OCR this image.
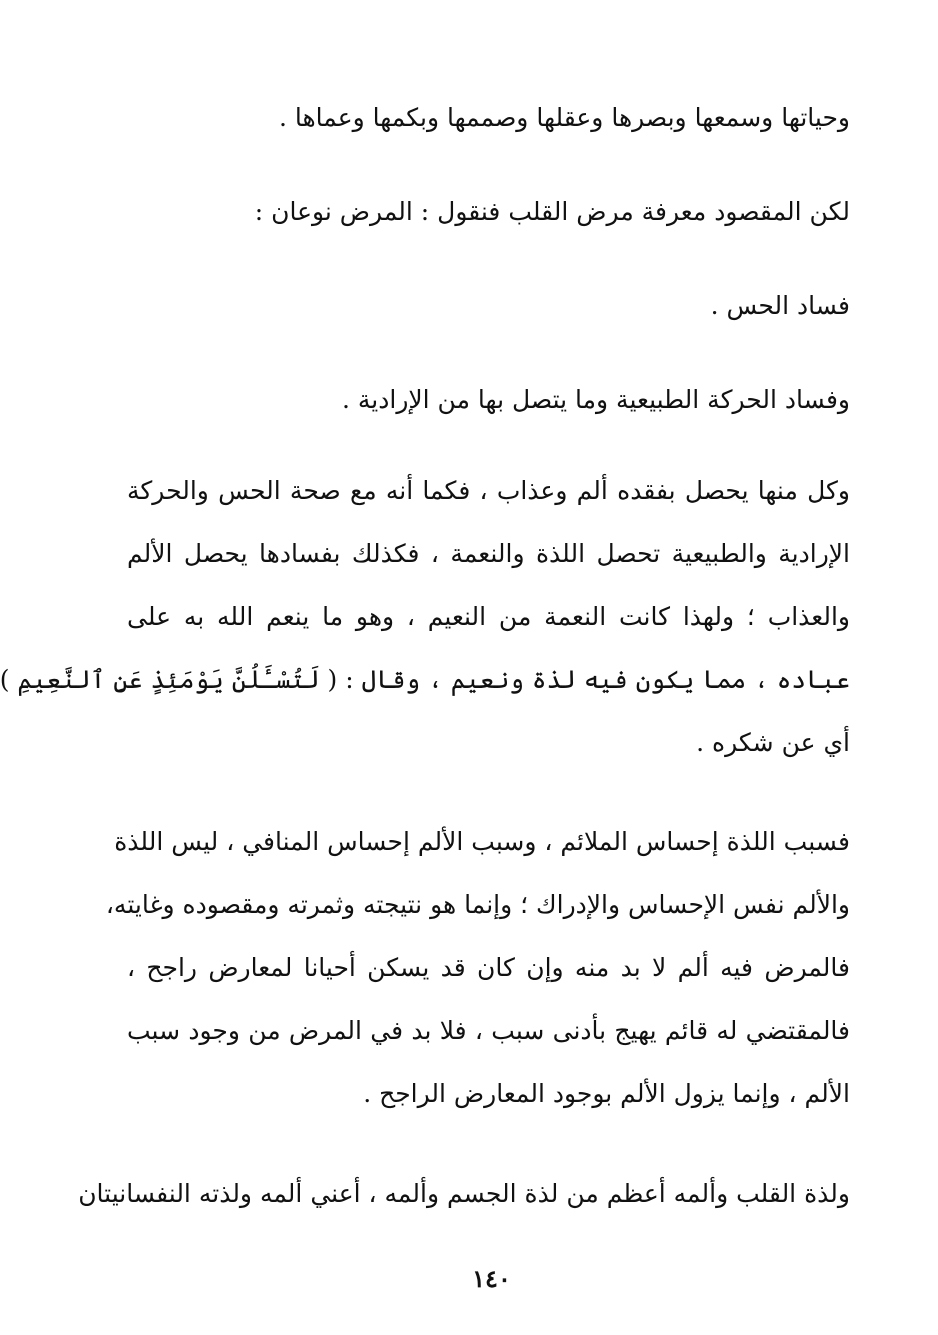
وحياتها وسمعها وبصرها وعقلها وصممها وبكمها وعماها .
لكن المقصود معرفة مرض القلب فنقول : المرض نوعان :
فساد الحس .
وفساد الحركة الطبيعية وما يتصل بها من الإرادية .
وكل منها يحصل بفقده ألم وعذاب ، فكما أنه مع صحة الحس والحركة
الإرادية والطبيعية تحصل اللذة والنعمة ، فكذلك بفسادها يحصل الألم
والعذاب ؛ ولهذا كانت النعمة من النعيم ، وهو ما ينعم الله به على
عباده ، مما يكون فيه لذة ونعيم ، وقال : ( لَتُسْـَٔلُنَّ يَوْمَئِذٍ عَنِ ٱلنَّعِيمِ )
أي عن شكره .
فسبب اللذة إحساس الملائم ، وسبب الألم إحساس المنافي ، ليس اللذة
والألم نفس الإحساس والإدراك ؛ وإنما هو نتيجته وثمرته ومقصوده وغايته،
فالمرض فيه ألم لا بد منه وإن كان قد يسكن أحيانا لمعارض راجح ،
فالمقتضي له قائم يهيج بأدنى سبب ، فلا بد في المرض من وجود سبب
الألم ، وإنما يزول الألم بوجود المعارض الراجح .
ولذة القلب وألمه أعظم من لذة الجسم وألمه ، أعني ألمه ولذته النفسانيتان
١٤٠
